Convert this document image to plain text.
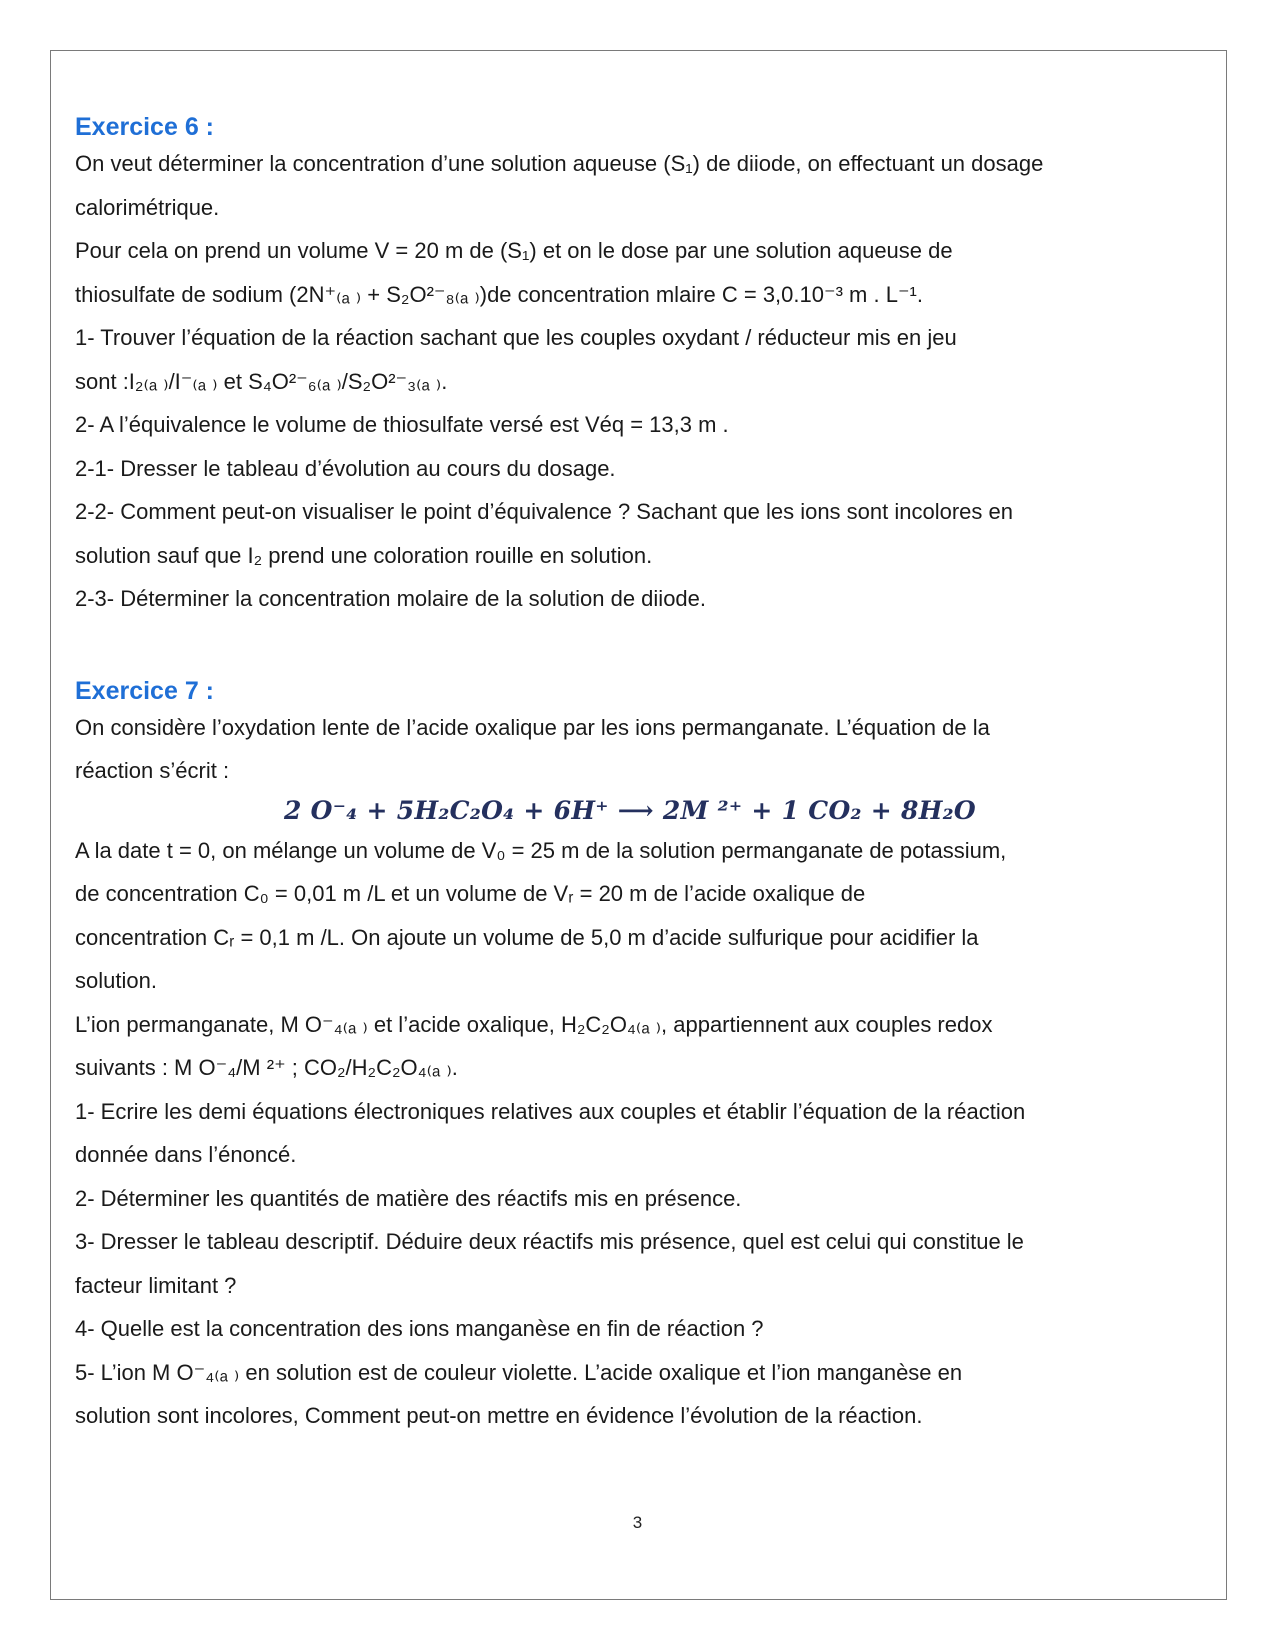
Exercice 6 :

On veut déterminer la concentration d’une solution aqueuse (S₁) de diiode, on effectuant un dosage

calorimétrique.

Pour cela on prend un volume V = 20 m de (S₁) et on le dose par une solution aqueuse de

thiosulfate de sodium (2N⁺₍ₐ ₎ + S₂O²⁻₈₍ₐ ₎)de concentration mlaire C = 3,0.10⁻³ m . L⁻¹.

1- Trouver l’équation de la réaction sachant que les couples oxydant / réducteur mis en jeu

sont :I₂₍ₐ ₎/I⁻₍ₐ ₎ et S₄O²⁻₆₍ₐ ₎/S₂O²⁻₃₍ₐ ₎.

2- A l’équivalence le volume de thiosulfate versé est Véq = 13,3 m .

2-1- Dresser le tableau d’évolution au cours du dosage.

2-2- Comment peut-on visualiser le point d’équivalence ? Sachant que les ions sont incolores en

solution sauf que I₂ prend une coloration rouille en solution.

2-3- Déterminer la concentration molaire de la solution de diiode.

Exercice 7 :

On considère l’oxydation lente de l’acide oxalique par les ions permanganate. L’équation de la

réaction s’écrit :

2 O⁻₄ + 5H₂C₂O₄ + 6H⁺ ⟶ 2M ²⁺ + 1 CO₂ + 8H₂O

A la date t = 0, on mélange un volume de V₀ = 25 m de la solution permanganate de potassium,

de concentration C₀ = 0,01 m /L et un volume de Vᵣ = 20 m de l’acide oxalique de

concentration Cᵣ = 0,1 m /L. On ajoute un volume de 5,0 m d’acide sulfurique pour acidifier la

solution.

L’ion permanganate, M O⁻₄₍ₐ ₎ et l’acide oxalique, H₂C₂O₄₍ₐ ₎, appartiennent aux couples redox

suivants : M O⁻₄/M ²⁺ ; CO₂/H₂C₂O₄₍ₐ ₎.

1- Ecrire les demi équations électroniques relatives aux couples et établir l’équation de la réaction

donnée dans l’énoncé.

2- Déterminer les quantités de matière des réactifs mis en présence.

3- Dresser le tableau descriptif. Déduire deux réactifs mis présence, quel est celui qui constitue le

facteur limitant ?

4- Quelle est la concentration des ions manganèse en fin de réaction ?

5- L’ion M O⁻₄₍ₐ ₎ en solution est de couleur violette. L’acide oxalique et l’ion manganèse en

solution sont incolores, Comment peut-on mettre en évidence l’évolution de la réaction.

3
